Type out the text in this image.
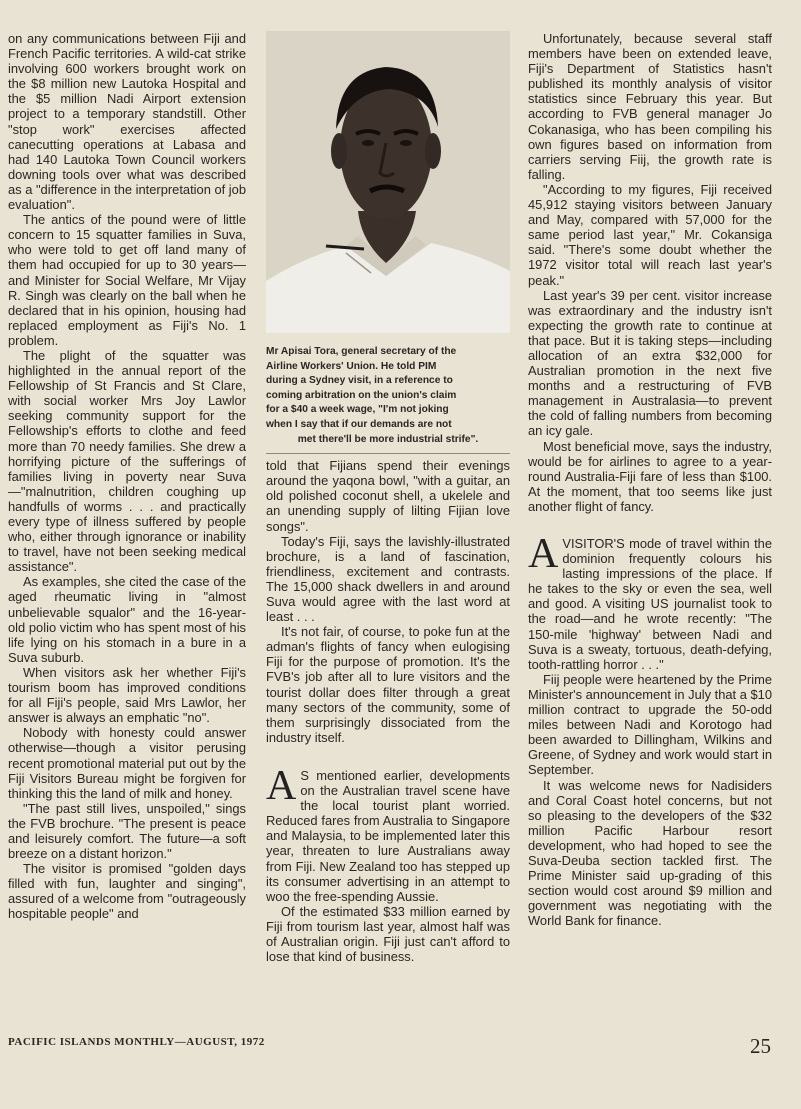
on any communications between Fiji and French Pacific territories. A wild-cat strike involving 600 workers brought work on the $8 million new Lautoka Hospital and the $5 million Nadi Airport extension project to a temporary standstill. Other "stop work" exercises affected canecutting operations at Labasa and had 140 Lautoka Town Council workers downing tools over what was described as a "difference in the interpretation of job evaluation".

The antics of the pound were of little concern to 15 squatter families in Suva, who were told to get off land many of them had occupied for up to 30 years—and Minister for Social Welfare, Mr Vijay R. Singh was clearly on the ball when he declared that in his opinion, housing had replaced employment as Fiji's No. 1 problem.

The plight of the squatter was highlighted in the annual report of the Fellowship of St Francis and St Clare, with social worker Mrs Joy Lawlor seeking community support for the Fellowship's efforts to clothe and feed more than 70 needy families. She drew a horrifying picture of the sufferings of families living in poverty near Suva—"malnutrition, children coughing up handfulls of worms . . . and practically every type of illness suffered by people who, either through ignorance or inability to travel, have not been seeking medical assistance".

As examples, she cited the case of the aged rheumatic living in "almost unbelievable squalor" and the 16-year-old polio victim who has spent most of his life lying on his stomach in a bure in a Suva suburb.

When visitors ask her whether Fiji's tourism boom has improved conditions for all Fiji's people, said Mrs Lawlor, her answer is always an emphatic "no".

Nobody with honesty could answer otherwise—though a visitor perusing recent promotional material put out by the Fiji Visitors Bureau might be forgiven for thinking this the land of milk and honey.

"The past still lives, unspoiled," sings the FVB brochure. "The present is peace and leisurely comfort. The future—a soft breeze on a distant horizon."

The visitor is promised "golden days filled with fun, laughter and singing", assured of a welcome from "outrageously hospitable people" and

Mr Apisai Tora, general secretary of the
Airline Workers' Union. He told PIM
during a Sydney visit, in a reference to
coming arbitration on the union's claim
for a $40 a week wage, "I'm not joking
when I say that if our demands are not
met there'll be more industrial strife".

told that Fijians spend their evenings around the yaqona bowl, "with a guitar, an old polished coconut shell, a ukelele and an unending supply of lilting Fijian love songs".

Today's Fiji, says the lavishly-illustrated brochure, is a land of fascination, friendliness, excitement and contrasts. The 15,000 shack dwellers in and around Suva would agree with the last word at least . . .

It's not fair, of course, to poke fun at the adman's flights of fancy when eulogising Fiji for the purpose of promotion. It's the FVB's job after all to lure visitors and the tourist dollar does filter through a great many sectors of the community, some of them surprisingly dissociated from the industry itself.

A S mentioned earlier, developments on the Australian travel scene have the local tourist plant worried. Reduced fares from Australia to Singapore and Malaysia, to be implemented later this year, threaten to lure Australians away from Fiji. New Zealand too has stepped up its consumer advertising in an attempt to woo the free-spending Aussie.

Of the estimated $33 million earned by Fiji from tourism last year, almost half was of Australian origin. Fiji just can't afford to lose that kind of business.

Unfortunately, because several staff members have been on extended leave, Fiji's Department of Statistics hasn't published its monthly analysis of visitor statistics since February this year. But according to FVB general manager Jo Cokanasiga, who has been compiling his own figures based on information from carriers serving Fiij, the growth rate is falling.

"According to my figures, Fiji received 45,912 staying visitors between January and May, compared with 57,000 for the same period last year," Mr. Cokansiga said. "There's some doubt whether the 1972 visitor total will reach last year's peak."

Last year's 39 per cent. visitor increase was extraordinary and the industry isn't expecting the growth rate to continue at that pace. But it is taking steps—including allocation of an extra $32,000 for Australian promotion in the next five months and a restructuring of FVB management in Australasia—to prevent the cold of falling numbers from becoming an icy gale.

Most beneficial move, says the industry, would be for airlines to agree to a year-round Australia-Fiji fare of less than $100. At the moment, that too seems like just another flight of fancy.

A VISITOR'S mode of travel within the dominion frequently colours his lasting impressions of the place. If he takes to the sky or even the sea, well and good. A visiting US journalist took to the road—and he wrote recently: "The 150-mile 'highway' between Nadi and Suva is a sweaty, tortuous, death-defying, tooth-rattling horror . . ."

Fiij people were heartened by the Prime Minister's announcement in July that a $10 million contract to upgrade the 50-odd miles between Nadi and Korotogo had been awarded to Dillingham, Wilkins and Greene, of Sydney and work would start in September.

It was welcome news for Nadisiders and Coral Coast hotel concerns, but not so pleasing to the developers of the $32 million Pacific Harbour resort development, who had hoped to see the Suva-Deuba section tackled first. The Prime Minister said up-grading of this section would cost around $9 million and government was negotiating with the World Bank for finance.

PACIFIC ISLANDS MONTHLY—AUGUST, 1972	25
